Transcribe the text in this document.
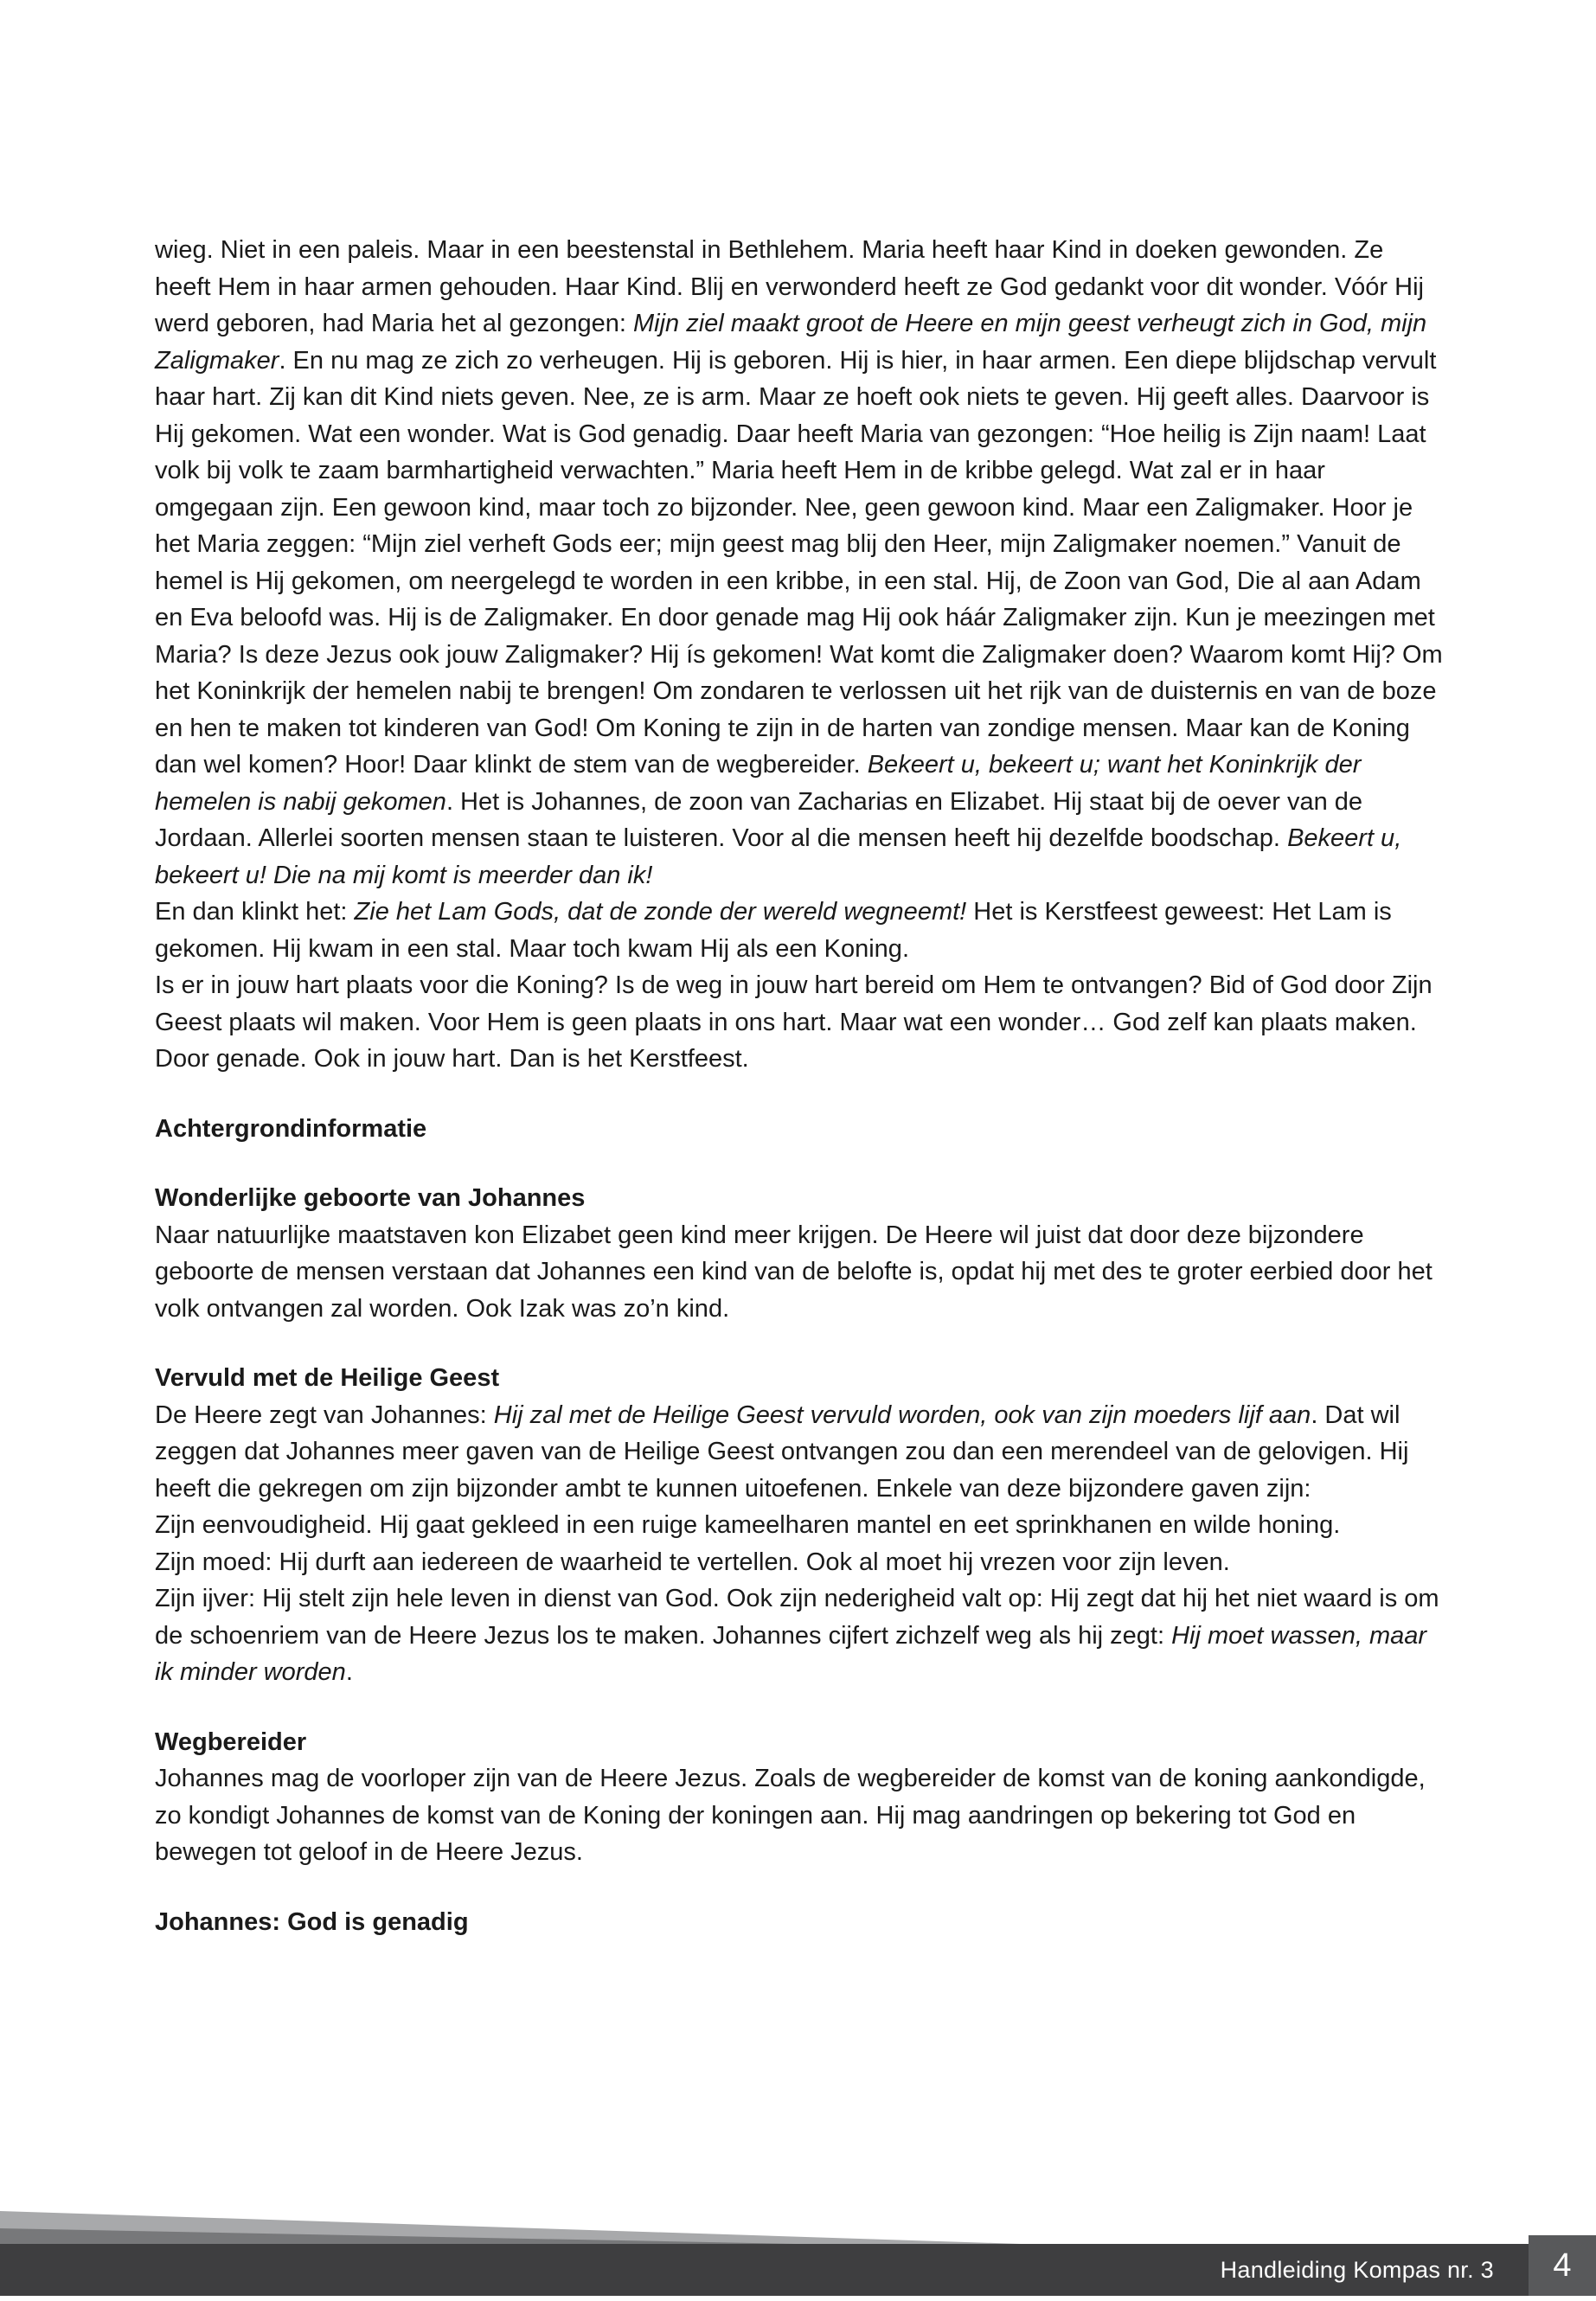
wieg. Niet in een paleis. Maar in een beestenstal in Bethlehem. Maria heeft haar Kind in doeken gewonden. Ze heeft Hem in haar armen gehouden. Haar Kind. Blij en verwonderd heeft ze God gedankt voor dit wonder. Vóór Hij werd geboren, had Maria het al gezongen: Mijn ziel maakt groot de Heere en mijn geest verheugt zich in God, mijn Zaligmaker. En nu mag ze zich zo verheugen. Hij is geboren. Hij is hier, in haar armen. Een diepe blijdschap vervult haar hart. Zij kan dit Kind niets geven. Nee, ze is arm. Maar ze hoeft ook niets te geven. Hij geeft alles. Daarvoor is Hij gekomen. Wat een wonder. Wat is God genadig. Daar heeft Maria van gezongen: “Hoe heilig is Zijn naam! Laat volk bij volk te zaam barmhartigheid verwachten.” Maria heeft Hem in de kribbe gelegd. Wat zal er in haar omgegaan zijn. Een gewoon kind, maar toch zo bijzonder. Nee, geen gewoon kind. Maar een Zaligmaker. Hoor je het Maria zeggen: “Mijn ziel verheft Gods eer; mijn geest mag blij den Heer, mijn Zaligmaker noemen.” Vanuit de hemel is Hij gekomen, om neergelegd te worden in een kribbe, in een stal. Hij, de Zoon van God, Die al aan Adam en Eva beloofd was. Hij is de Zaligmaker. En door genade mag Hij ook háár Zaligmaker zijn. Kun je meezingen met Maria? Is deze Jezus ook jouw Zaligmaker? Hij ís gekomen! Wat komt die Zaligmaker doen? Waarom komt Hij? Om het Koninkrijk der hemelen nabij te brengen! Om zondaren te verlossen uit het rijk van de duisternis en van de boze en hen te maken tot kinderen van God! Om Koning te zijn in de harten van zondige mensen. Maar kan de Koning dan wel komen? Hoor! Daar klinkt de stem van de wegbereider. Bekeert u, bekeert u; want het Koninkrijk der hemelen is nabij gekomen. Het is Johannes, de zoon van Zacharias en Elizabet. Hij staat bij de oever van de Jordaan. Allerlei soorten mensen staan te luisteren. Voor al die mensen heeft hij dezelfde boodschap. Bekeert u, bekeert u! Die na mij komt is meerder dan ik!
En dan klinkt het: Zie het Lam Gods, dat de zonde der wereld wegneemt! Het is Kerstfeest geweest: Het Lam is gekomen. Hij kwam in een stal. Maar toch kwam Hij als een Koning.
Is er in jouw hart plaats voor die Koning? Is de weg in jouw hart bereid om Hem te ontvangen? Bid of God door Zijn Geest plaats wil maken. Voor Hem is geen plaats in ons hart. Maar wat een wonder… God zelf kan plaats maken. Door genade. Ook in jouw hart. Dan is het Kerstfeest.
Achtergrondinformatie
Wonderlijke geboorte van Johannes
Naar natuurlijke maatstaven kon Elizabet geen kind meer krijgen. De Heere wil juist dat door deze bijzondere geboorte de mensen verstaan dat Johannes een kind van de belofte is, opdat hij met des te groter eerbied door het volk ontvangen zal worden. Ook Izak was zo’n kind.
Vervuld met de Heilige Geest
De Heere zegt van Johannes: Hij zal met de Heilige Geest vervuld worden, ook van zijn moeders lijf aan. Dat wil zeggen dat Johannes meer gaven van de Heilige Geest ontvangen zou dan een merendeel van de gelovigen. Hij heeft die gekregen om zijn bijzonder ambt te kunnen uitoefenen. Enkele van deze bijzondere gaven zijn:
Zijn eenvoudigheid. Hij gaat gekleed in een ruige kameelharen mantel en eet sprinkhanen en wilde honing.
Zijn moed: Hij durft aan iedereen de waarheid te vertellen. Ook al moet hij vrezen voor zijn leven.
Zijn ijver: Hij stelt zijn hele leven in dienst van God. Ook zijn nederigheid valt op: Hij zegt dat hij het niet waard is om de schoenriem van de Heere Jezus los te maken. Johannes cijfert zichzelf weg als hij zegt: Hij moet wassen, maar ik minder worden.
Wegbereider
Johannes mag de voorloper zijn van de Heere Jezus. Zoals de wegbereider de komst van de koning aankondigde, zo kondigt Johannes de komst van de Koning der koningen aan. Hij mag aandringen op bekering tot God en bewegen tot geloof in de Heere Jezus.
Johannes: God is genadig
Handleiding Kompas nr. 3 4
